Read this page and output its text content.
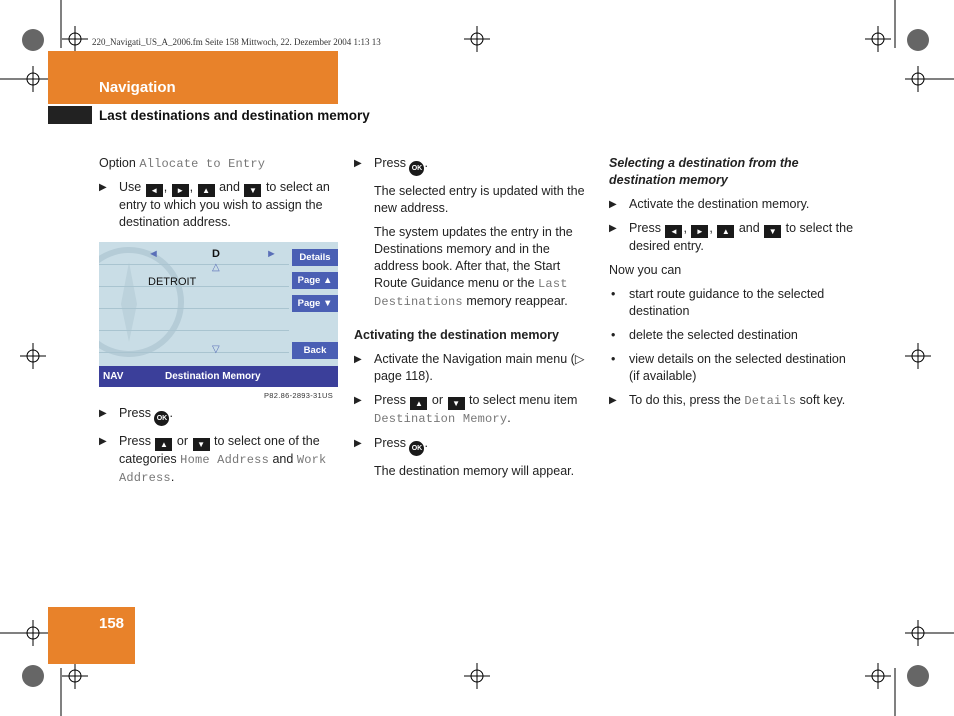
220_Navigati_US_A_2006.fm Seite 158 Mittwoch, 22. Dezember 2004 1:13 13
Navigation
Last destinations and destination memory

Option Allocate to Entry

▶ Use ◄ , ► , ▲ and ▼ to select an entry to which you wish to assign the destination address.

◄	D	►
△
DETROIT
▽
Details
Page ▲
Page ▼
Back
NAV	Destination Memory
P82.86-2893-31US

▶ Press OK .

▶ Press ▲ or ▼ to select one of the categories Home Address and Work Address.

▶ Press OK .

The selected entry is updated with the new address.

The system updates the entry in the Destinations memory and in the address book. After that, the Start Route Guidance menu or the Last Destinations memory reappear.

Activating the destination memory

▶ Activate the Navigation main menu (▷ page 118).

▶ Press ▲ or ▼ to select menu item Destination Memory.

▶ Press OK .

The destination memory will appear.

Selecting a destination from the destination memory

▶ Activate the destination memory.

▶ Press ◄ , ► , ▲ and ▼ to select the desired entry.

Now you can

• start route guidance to the selected destination

• delete the selected destination

• view details on the selected destination (if available)

▶ To do this, press the Details soft key.

158
